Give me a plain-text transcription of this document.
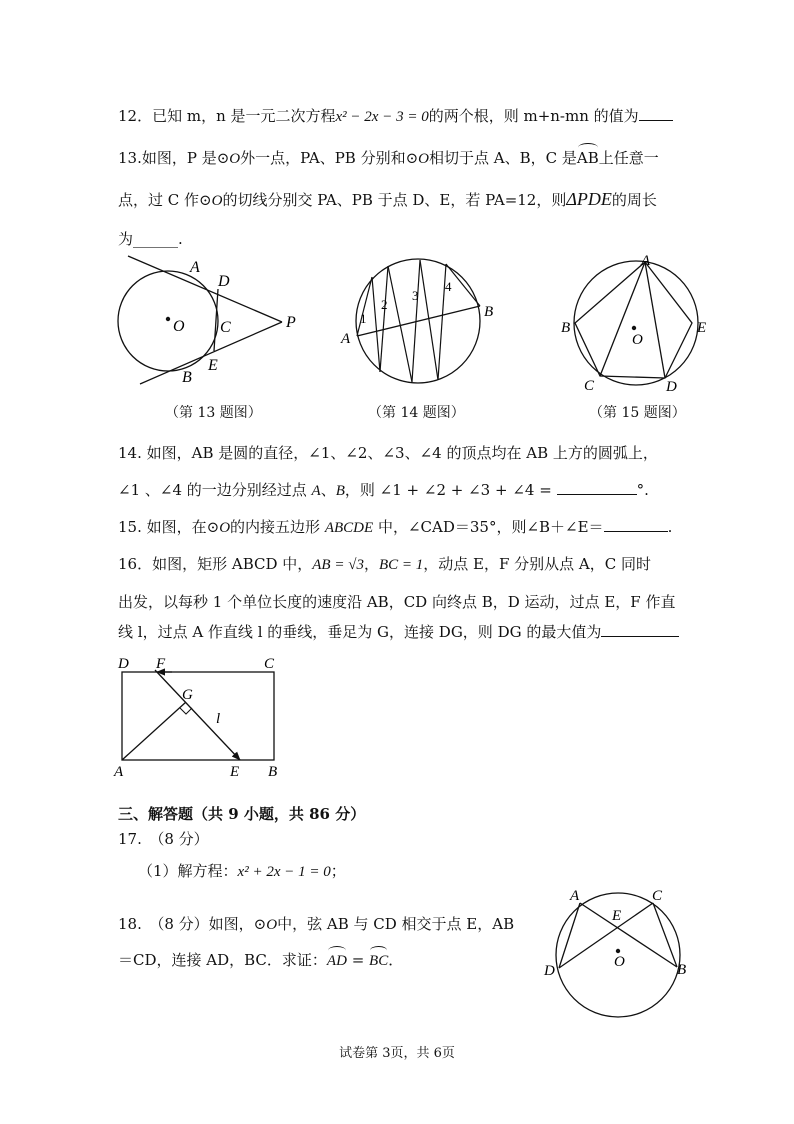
12．已知 m，n 是一元二次方程x² − 2x − 3 = 0的两个根，则 m+n-mn 的值为
13.如图，P 是⊙O外一点，PA、PB 分别和⊙O相切于点 A、B，C 是AB上任意一
点，过 C 作⊙O的切线分别交 PA、PB 于点 D、E，若 PA=12，则ΔPDE的周长
为______.
A
D
O C	P
E
B
A
B
1
2
3
4
A
B	E
O
C	D
（第 13 题图）	（第 14 题图）	（第 15 题图）
14. 如图，AB 是圆的直径，∠1、∠2、∠3、∠4 的顶点均在 AB 上方的圆弧上，
∠1 、∠4 的一边分别经过点 A、B，则 ∠1 + ∠2 + ∠3 + ∠4 =	°.
15. 如图，在⊙O的内接五边形 ABCDE 中，∠CAD＝35°，则∠B＋∠E＝	.
16．如图，矩形 ABCD 中，AB = √3，BC = 1，动点 E，F 分别从点 A，C 同时
出发，以每秒 1 个单位长度的速度沿 AB，CD 向终点 B，D 运动，过点 E，F 作直
线 l，过点 A 作直线 l 的垂线，垂足为 G，连接 DG，则 DG 的最大值为
D F	C
G
l
A	E B
三、解答题（共 9 小题，共 86 分）
17.　（8 分）
（1）解方程：x² + 2x − 1 = 0；
18.　（8 分）如图，⊙O中，弦 AB 与 CD 相交于点 E，AB
＝CD，连接 AD，BC．求证：AD = BC．
A	C
E
O
D	B
试卷第 3页，共 6页
